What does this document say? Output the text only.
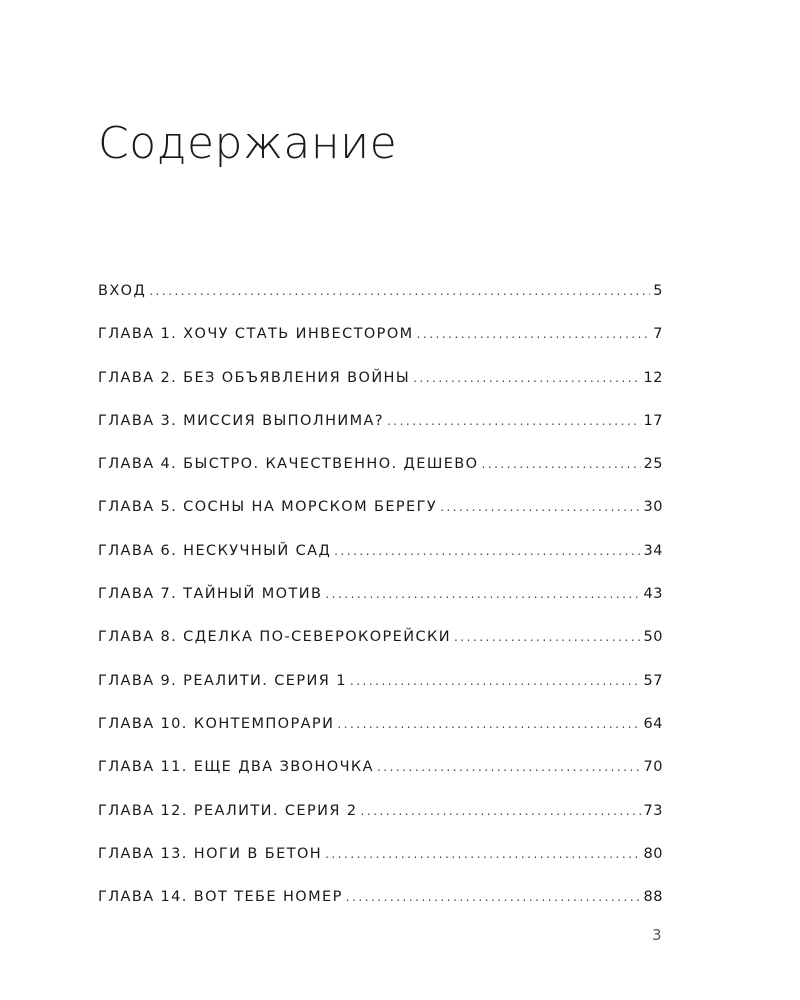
Содержание
ВХОД .....	5
ГЛАВА 1. ХОЧУ СТАТЬ ИНВЕСТОРОМ .....	7
ГЛАВА 2. БЕЗ ОБЪЯВЛЕНИЯ ВОЙНЫ .....	12
ГЛАВА 3. МИССИЯ ВЫПОЛНИМА? .....	17
ГЛАВА 4. БЫСТРО. КАЧЕСТВЕННО. ДЕШЕВО .....	25
ГЛАВА 5. СОСНЫ НА МОРСКОМ БЕРЕГУ .....	30
ГЛАВА 6. НЕСКУЧНЫЙ САД .....	34
ГЛАВА 7. ТАЙНЫЙ МОТИВ .....	43
ГЛАВА 8. СДЕЛКА ПО-СЕВЕРОКОРЕЙСКИ .....	50
ГЛАВА 9. РЕАЛИТИ. СЕРИЯ 1 .....	57
ГЛАВА 10. КОНТЕМПОРАРИ .....	64
ГЛАВА 11. ЕЩЕ ДВА ЗВОНОЧКА .....	70
ГЛАВА 12. РЕАЛИТИ. СЕРИЯ 2 .....	73
ГЛАВА 13. НОГИ В БЕТОН .....	80
ГЛАВА 14. ВОТ ТЕБЕ НОМЕР .....	88
3
